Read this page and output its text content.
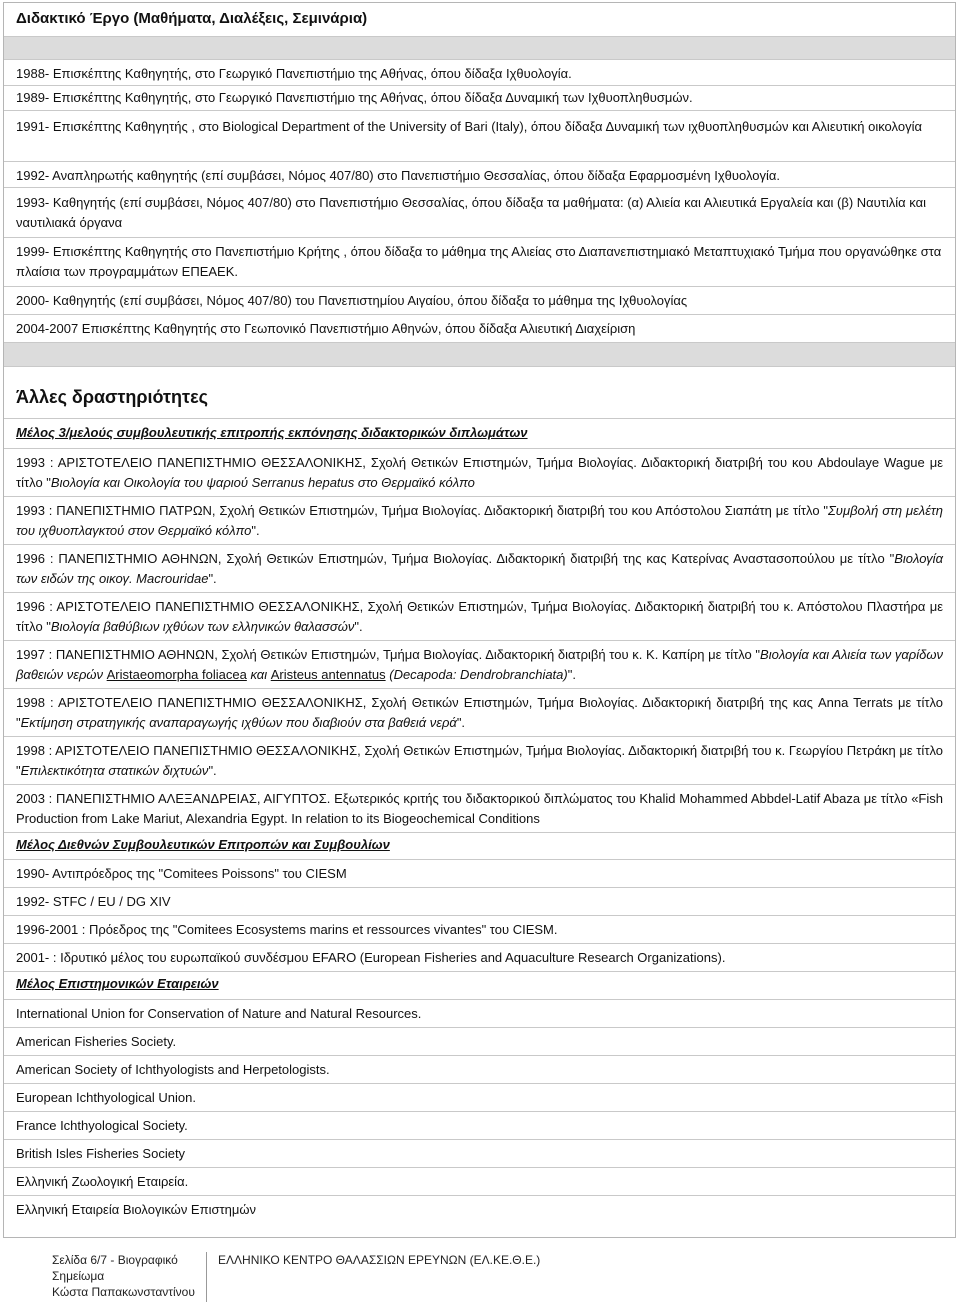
Διδακτικό Έργο (Μαθήματα, Διαλέξεις, Σεμινάρια)
1988- Επισκέπτης Καθηγητής, στο Γεωργικό Πανεπιστήμιο της Αθήνας, όπου δίδαξα Ιχθυολογία.
1989- Επισκέπτης Καθηγητής, στο Γεωργικό Πανεπιστήμιο της Αθήνας, όπου δίδαξα Δυναμική των Ιχθυοπληθυσμών.
1991- Επισκέπτης Καθηγητής , στο Biological Department of the University of Bari (Italy), όπου δίδαξα Δυναμική των ιχθυοπληθυσμών και Αλιευτική οικολογία
1992- Αναπληρωτής καθηγητής (επί συμβάσει, Νόμος 407/80) στο Πανεπιστήμιο Θεσσαλίας, όπου δίδαξα Εφαρμοσμένη Ιχθυολογία.
1993- Καθηγητής (επί συμβάσει, Νόμος 407/80) στο Πανεπιστήμιο Θεσσαλίας, όπου δίδαξα τα μαθήματα: (α) Αλιεία και Αλιευτικά Εργαλεία και (β) Ναυτιλία και ναυτιλιακά όργανα
1999- Επισκέπτης Καθηγητής στο Πανεπιστήμιο Κρήτης , όπου δίδαξα το μάθημα της Αλιείας στο Διαπανεπιστημιακό Μεταπτυχιακό Τμήμα που οργανώθηκε στα πλαίσια των προγραμμάτων ΕΠΕΑΕΚ.
2000- Καθηγητής (επί συμβάσει, Νόμος 407/80) του Πανεπιστημίου Αιγαίου, όπου δίδαξα το μάθημα της Ιχθυολογίας
2004-2007 Επισκέπτης Καθηγητής στο Γεωπονικό Πανεπιστήμιο Αθηνών, όπου δίδαξα Αλιευτική Διαχείριση
Άλλες δραστηριότητες
Μέλος 3/μελούς συμβουλευτικής επιτροπής εκπόνησης διδακτορικών διπλωμάτων
1993 : ΑΡΙΣΤΟΤΕΛΕΙΟ ΠΑΝΕΠΙΣΤΗΜΙΟ ΘΕΣΣΑΛΟΝΙΚΗΣ, Σχολή Θετικών Επιστημών, Τμήμα Βιολογίας. Διδακτορική διατριβή του κου Abdoulaye Wague με τίτλο "Βιολογία και Οικολογία του ψαριού Serranus hepatus στο Θερμαϊκό κόλπο
1993 : ΠΑΝΕΠΙΣΤΗΜΙΟ ΠΑΤΡΩΝ, Σχολή Θετικών Επιστημών, Τμήμα Βιολογίας. Διδακτορική διατριβή του κου Απόστολου Σιαπάτη με τίτλο "Συμβολή στη μελέτη του ιχθυοπλαγκτού στον Θερμαϊκό κόλπο".
1996 : ΠΑΝΕΠΙΣΤΗΜΙΟ ΑΘΗΝΩΝ, Σχολή Θετικών Επιστημών, Τμήμα Βιολογίας. Διδακτορική διατριβή της κας Κατερίνας Αναστασοπούλου με τίτλο "Βιολογία των ειδών της οικογ. Macrouridae".
1996 : ΑΡΙΣΤΟΤΕΛΕΙΟ ΠΑΝΕΠΙΣΤΗΜΙΟ ΘΕΣΣΑΛΟΝΙΚΗΣ, Σχολή Θετικών Επιστημών, Τμήμα Βιολογίας. Διδακτορική διατριβή του κ. Απόστολου Πλαστήρα με τίτλο "Βιολογία βαθύβιων ιχθύων των ελληνικών θαλασσών".
1997 : ΠΑΝΕΠΙΣΤΗΜΙΟ ΑΘΗΝΩΝ, Σχολή Θετικών Επιστημών, Τμήμα Βιολογίας. Διδακτορική διατριβή του κ. Κ. Καπίρη με τίτλο "Βιολογία και Αλιεία των γαρίδων βαθειών νερών Aristaeomorpha foliacea και Aristeus antennatus (Decapoda: Dendrobranchiata)".
1998 : ΑΡΙΣΤΟΤΕΛΕΙΟ ΠΑΝΕΠΙΣΤΗΜΙΟ ΘΕΣΣΑΛΟΝΙΚΗΣ, Σχολή Θετικών Επιστημών, Τμήμα Βιολογίας. Διδακτορική διατριβή της κας Anna Terrats με τίτλο "Εκτίμηση στρατηγικής αναπαραγωγής ιχθύων που διαβιούν στα βαθειά νερά".
1998 : ΑΡΙΣΤΟΤΕΛΕΙΟ ΠΑΝΕΠΙΣΤΗΜΙΟ ΘΕΣΣΑΛΟΝΙΚΗΣ, Σχολή Θετικών Επιστημών, Τμήμα Βιολογίας. Διδακτορική διατριβή του κ. Γεωργίου Πετράκη με τίτλο "Επιλεκτικότητα στατικών διχτυών".
2003 : ΠΑΝΕΠΙΣΤΗΜΙΟ ΑΛΕΞΑΝΔΡΕΙΑΣ, ΑΙΓΥΠΤΟΣ. Εξωτερικός κριτής του διδακτορικού διπλώματος του Khalid Mohammed Abbdel-Latif Abaza με τίτλο «Fish Production from Lake Mariut, Alexandria Egypt. In relation to its Biogeochemical Conditions
Μέλος Διεθνών Συμβουλευτικών Επιτροπών και Συμβουλίων
1990- Αντιπρόεδρος της "Comitees Poissons" του CIESM
1992- STFC / EU / DG XIV
1996-2001 : Πρόεδρος της "Comitees Ecosystems marins et ressources vivantes" του CIESM.
2001- : Ιδρυτικό μέλος του ευρωπαϊκού συνδέσμου EFARO (European Fisheries and Aquaculture Research Organizations).
Μέλος Επιστημονικών Εταιρειών
International Union for Conservation of Nature and Natural Resources.
American Fisheries Society.
American Society of Ichthyologists and Herpetologists.
European Ichthyological Union.
France Ichthyological Society.
British Isles Fisheries Society
Ελληνική Ζωολογική Εταιρεία.
Ελληνική Εταιρεία Βιολογικών Επιστημών
Σελίδα 6/7 - Βιογραφικό Σημείωμα
Κώστα Παπακωνσταντίνου
ΕΛΛΗΝΙΚΟ ΚΕΝΤΡΟ ΘΑΛΑΣΣΙΩΝ ΕΡΕΥΝΩΝ (ΕΛ.ΚΕ.Θ.Ε.)
